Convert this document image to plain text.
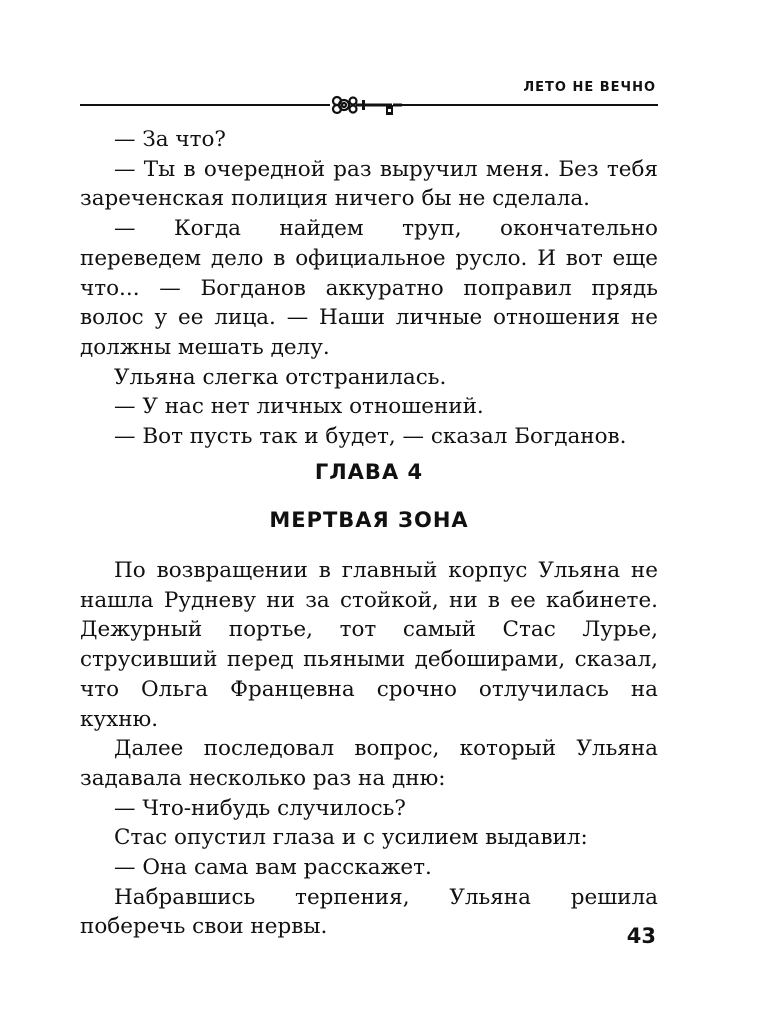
ЛЕТО НЕ ВЕЧНО

— За что?

— Ты в очередной раз выручил меня. Без тебя зареченская полиция ничего бы не сделала.

— Когда найдем труп, окончательно переведем дело в официальное русло. И вот еще что... — Богданов аккуратно поправил прядь волос у ее лица. — Наши личные отношения не должны мешать делу.

Ульяна слегка отстранилась.

— У нас нет личных отношений.

— Вот пусть так и будет, — сказал Богданов.

ГЛАВА 4
МЕРТВАЯ ЗОНА

По возвращении в главный корпус Ульяна не нашла Рудневу ни за стойкой, ни в ее кабинете. Дежурный портье, тот самый Стас Лурье, струсивший перед пьяными дебоширами, сказал, что Ольга Францевна срочно отлучилась на кухню.

Далее последовал вопрос, который Ульяна задавала несколько раз на дню:

— Что-нибудь случилось?

Стас опустил глаза и с усилием выдавил:

— Она сама вам расскажет.

Набравшись терпения, Ульяна решила поберечь свои нервы.	43
